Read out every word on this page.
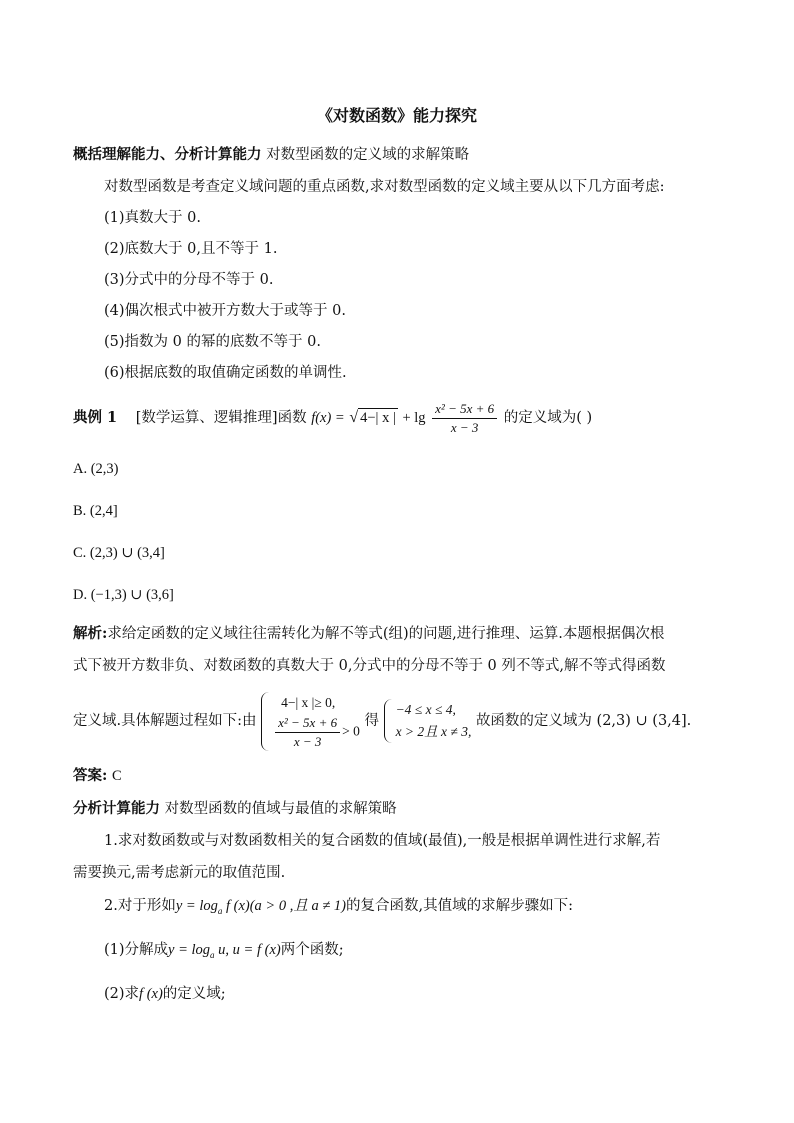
《对数函数》能力探究
概括理解能力、分析计算能力 对数型函数的定义域的求解策略
对数型函数是考查定义域问题的重点函数,求对数型函数的定义域主要从以下几方面考虑:
(1)真数大于 0.
(2)底数大于 0,且不等于 1.
(3)分式中的分母不等于 0.
(4)偶次根式中被开方数大于或等于 0.
(5)指数为 0 的幂的底数不等于 0.
(6)根据底数的取值确定函数的单调性.
典例 1 [数学运算、逻辑推理]函数 f(x) = √ 4−| x | + $\lg \frac{\text{x² − 5x + 6}}{x - 3}$ 的定义域为( )
A. (2,3)
B. (2,4]
C. (2,3) ∪ (3,4]
D. (−1,3) ∪ (3,6]
解析:求给定函数的定义域往往需转化为解不等式(组)的问题,进行推理、运算.本题根据偶次根
式下被开方数非负、对数函数的真数大于 0,分式中的分母不等于 0 列不等式,解不等式得函数
定义域.具体解题过程如下:由
4−| x |≥ 0,
$\frac{\text{x² − 5x + 6}}{x - 3} > 0$
得
−4 ≤ x ≤ 4,
x > 2且 x ≠ 3,
故函数的定义域为 (2,3) ∪ (3,4].
答案: C
分析计算能力 对数型函数的值域与最值的求解策略
1.求对数函数或与对数函数相关的复合函数的值域(最值),一般是根据单调性进行求解,若
需要换元,需考虑新元的取值范围.
2.对于形如$y = \log_a f$ (x)(a > 0 ,且 a ≠ 1)的复合函数,其值域的求解步骤如下:
(1)分解成$y = \log_a u$, u = f (x)两个函数;
(2)求f (x)的定义域;
